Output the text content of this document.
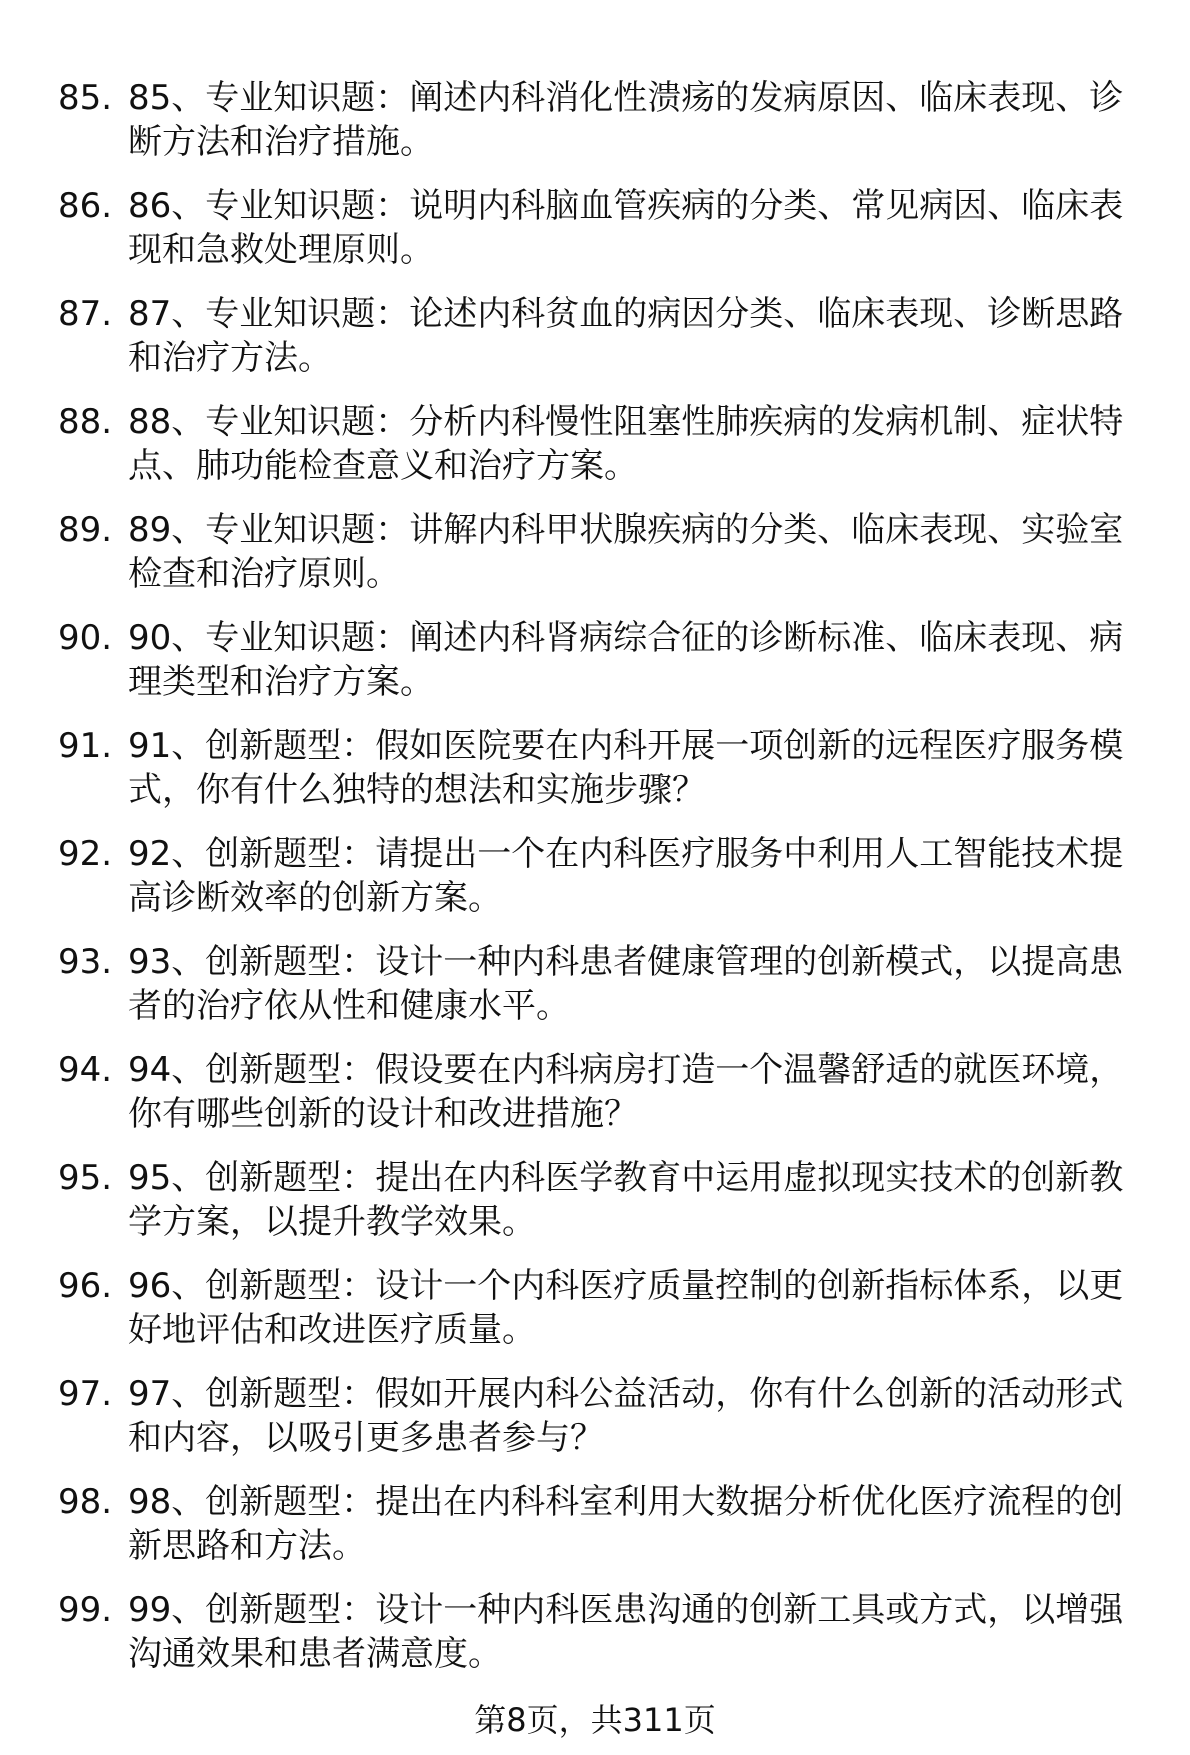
85. 85、专业知识题：阐述内科消化性溃疡的发病原因、临床表现、诊断方法和治疗措施。
86. 86、专业知识题：说明内科脑血管疾病的分类、常见病因、临床表现和急救处理原则。
87. 87、专业知识题：论述内科贫血的病因分类、临床表现、诊断思路和治疗方法。
88. 88、专业知识题：分析内科慢性阻塞性肺疾病的发病机制、症状特点、肺功能检查意义和治疗方案。
89. 89、专业知识题：讲解内科甲状腺疾病的分类、临床表现、实验室检查和治疗原则。
90. 90、专业知识题：阐述内科肾病综合征的诊断标准、临床表现、病理类型和治疗方案。
91. 91、创新题型：假如医院要在内科开展一项创新的远程医疗服务模式，你有什么独特的想法和实施步骤？
92. 92、创新题型：请提出一个在内科医疗服务中利用人工智能技术提高诊断效率的创新方案。
93. 93、创新题型：设计一种内科患者健康管理的创新模式，以提高患者的治疗依从性和健康水平。
94. 94、创新题型：假设要在内科病房打造一个温馨舒适的就医环境，你有哪些创新的设计和改进措施？
95. 95、创新题型：提出在内科医学教育中运用虚拟现实技术的创新教学方案，以提升教学效果。
96. 96、创新题型：设计一个内科医疗质量控制的创新指标体系，以更好地评估和改进医疗质量。
97. 97、创新题型：假如开展内科公益活动，你有什么创新的活动形式和内容，以吸引更多患者参与？
98. 98、创新题型：提出在内科科室利用大数据分析优化医疗流程的创新思路和方法。
99. 99、创新题型：设计一种内科医患沟通的创新工具或方式，以增强沟通效果和患者满意度。
第8页，共311页
